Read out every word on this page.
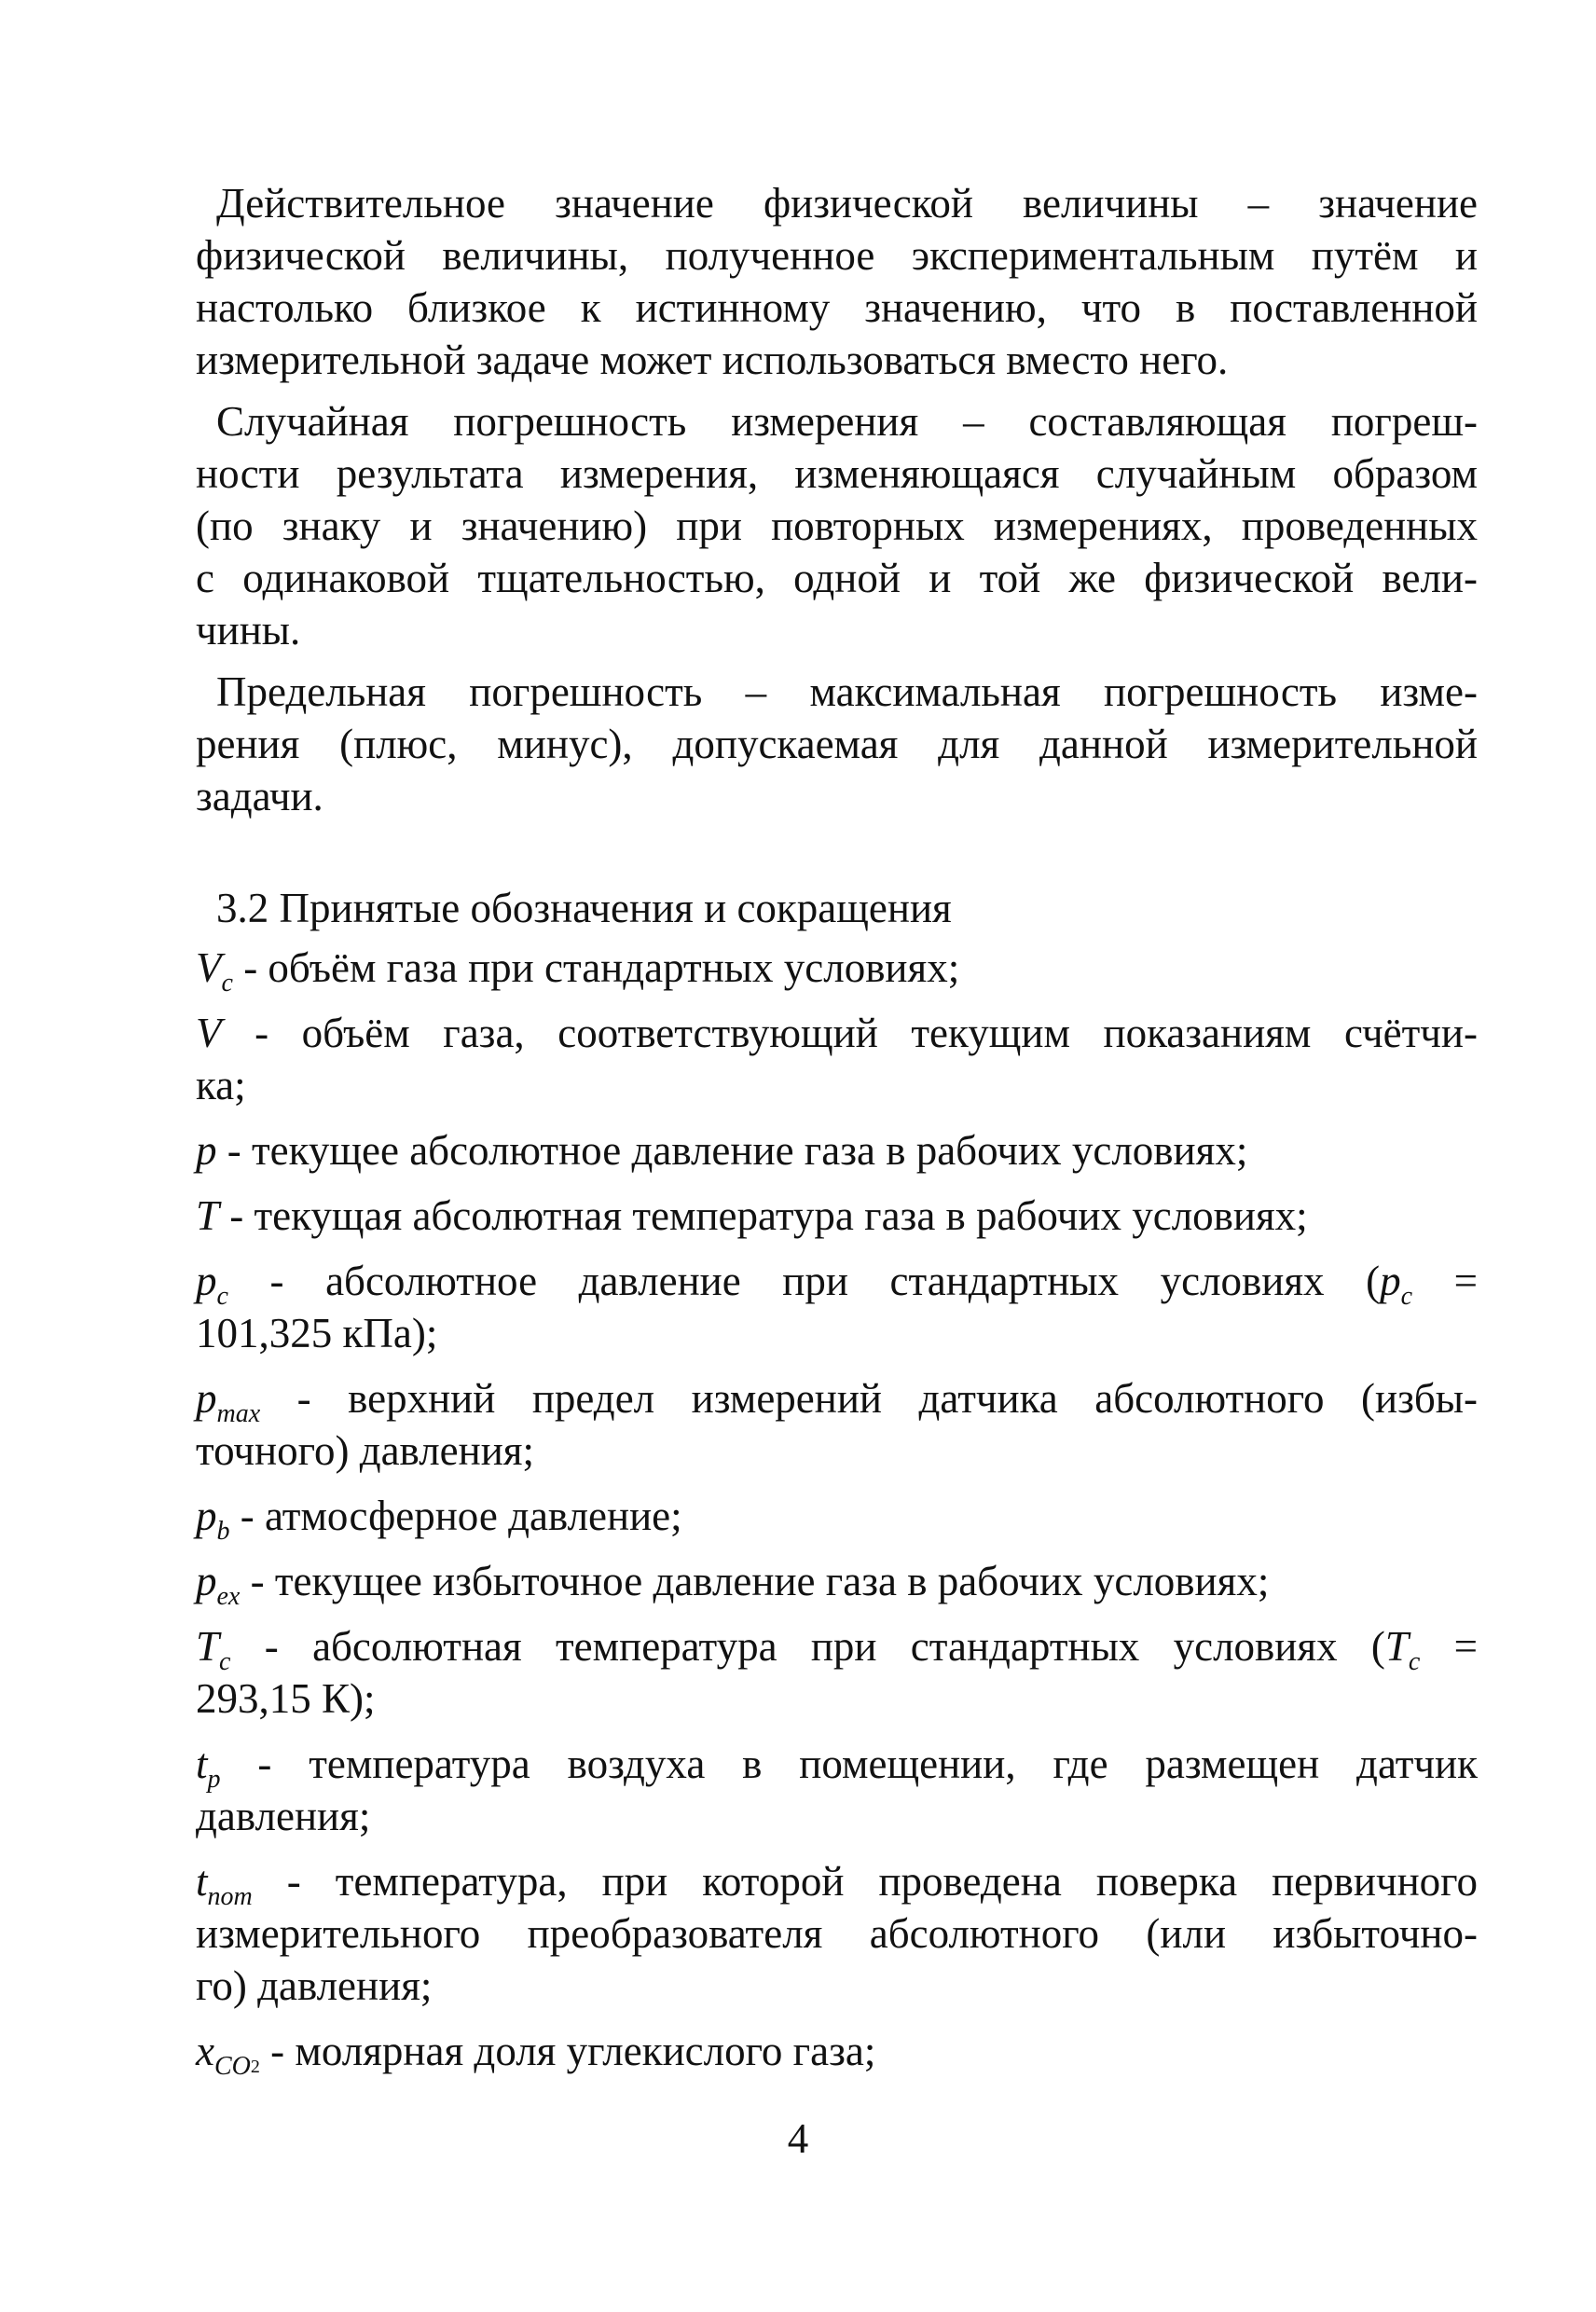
Действительное значение физической величины – значение
физической величины, полученное экспериментальным путём и
настолько близкое к истинному значению, что в поставленной
измерительной задаче может использоваться вместо него.

Случайная погрешность измерения – составляющая погреш-
ности результата измерения, изменяющаяся случайным образом
(по знаку и значению) при повторных измерениях, проведенных
с одинаковой тщательностью, одной и той же физической вели-
чины.

Предельная погрешность – максимальная погрешность изме-
рения (плюс, минус), допускаемая для данной измерительной
задачи.

3.2 Принятые обозначения и сокращения
$V_c$ - объём газа при стандартных условиях;
V - объём газа, соответствующий текущим показаниям счётчи-
ка;
p - текущее абсолютное давление газа в рабочих условиях;
T - текущая абсолютная температура газа в рабочих условиях;
$p_c$ - абсолютное давление при стандартных условиях ($p_c$ =
101,325 кПа);
$p_{max}$ - верхний предел измерений датчика абсолютного (избы-
точного) давления;
$p_b$ - атмосферное давление;
$p_{ex}$ - текущее избыточное давление газа в рабочих условиях;
$T_c$ - абсолютная температура при стандартных условиях ($T_c$ =
293,15 К);
$t_p$ - температура воздуха в помещении, где размещен датчик
давления;
$t_{пот}$ - температура, при которой проведена поверка первичного
измерительного преобразователя абсолютного (или избыточно-
го) давления;
$x_{CO}2$ - молярная доля углекислого газа;
4
